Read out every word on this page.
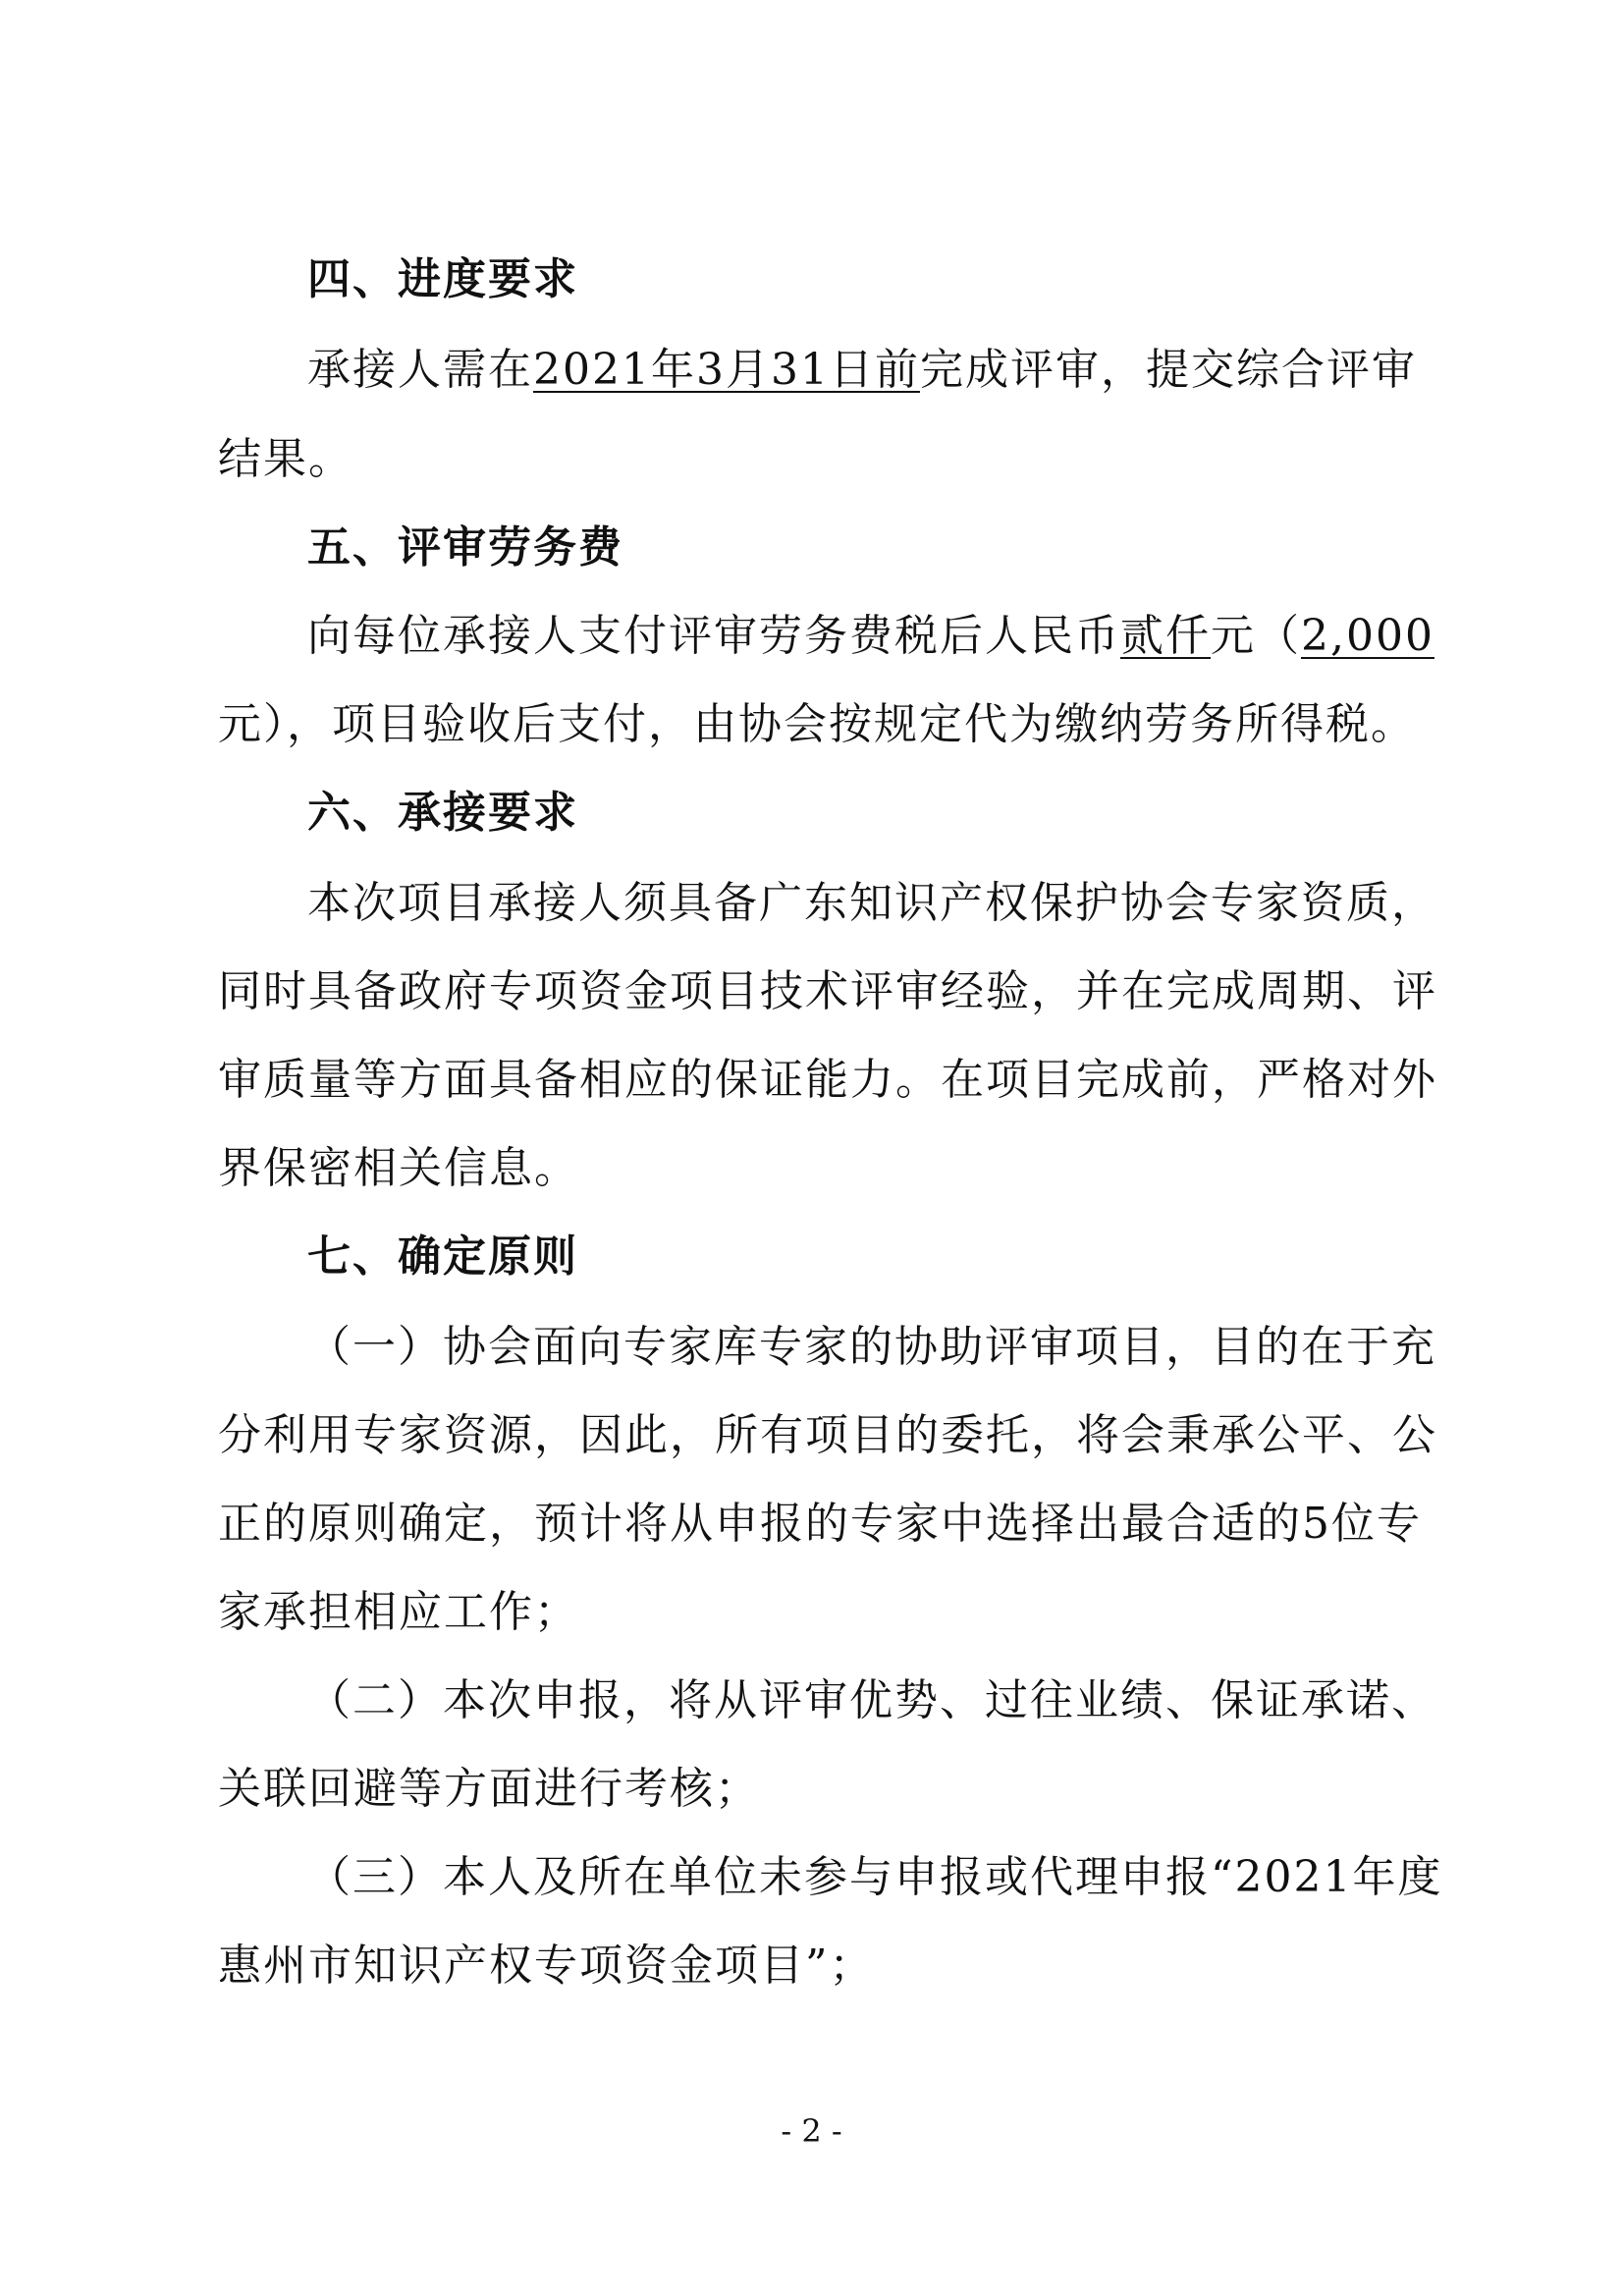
四、进度要求
承接人需在2021年3月31日前完成评审，提交综合评审
结果。
五、评审劳务费
向每位承接人支付评审劳务费税后人民币贰仟元（2,000
元），项目验收后支付，由协会按规定代为缴纳劳务所得税。
六、承接要求
本次项目承接人须具备广东知识产权保护协会专家资质，
同时具备政府专项资金项目技术评审经验，并在完成周期、评
审质量等方面具备相应的保证能力。在项目完成前，严格对外
界保密相关信息。
七、确定原则
（一）协会面向专家库专家的协助评审项目，目的在于充
分利用专家资源，因此，所有项目的委托，将会秉承公平、公
正的原则确定，预计将从申报的专家中选择出最合适的5位专
家承担相应工作；
（二）本次申报，将从评审优势、过往业绩、保证承诺、
关联回避等方面进行考核；
（三）本人及所在单位未参与申报或代理申报“2021年度
惠州市知识产权专项资金项目”；
- 2 -
